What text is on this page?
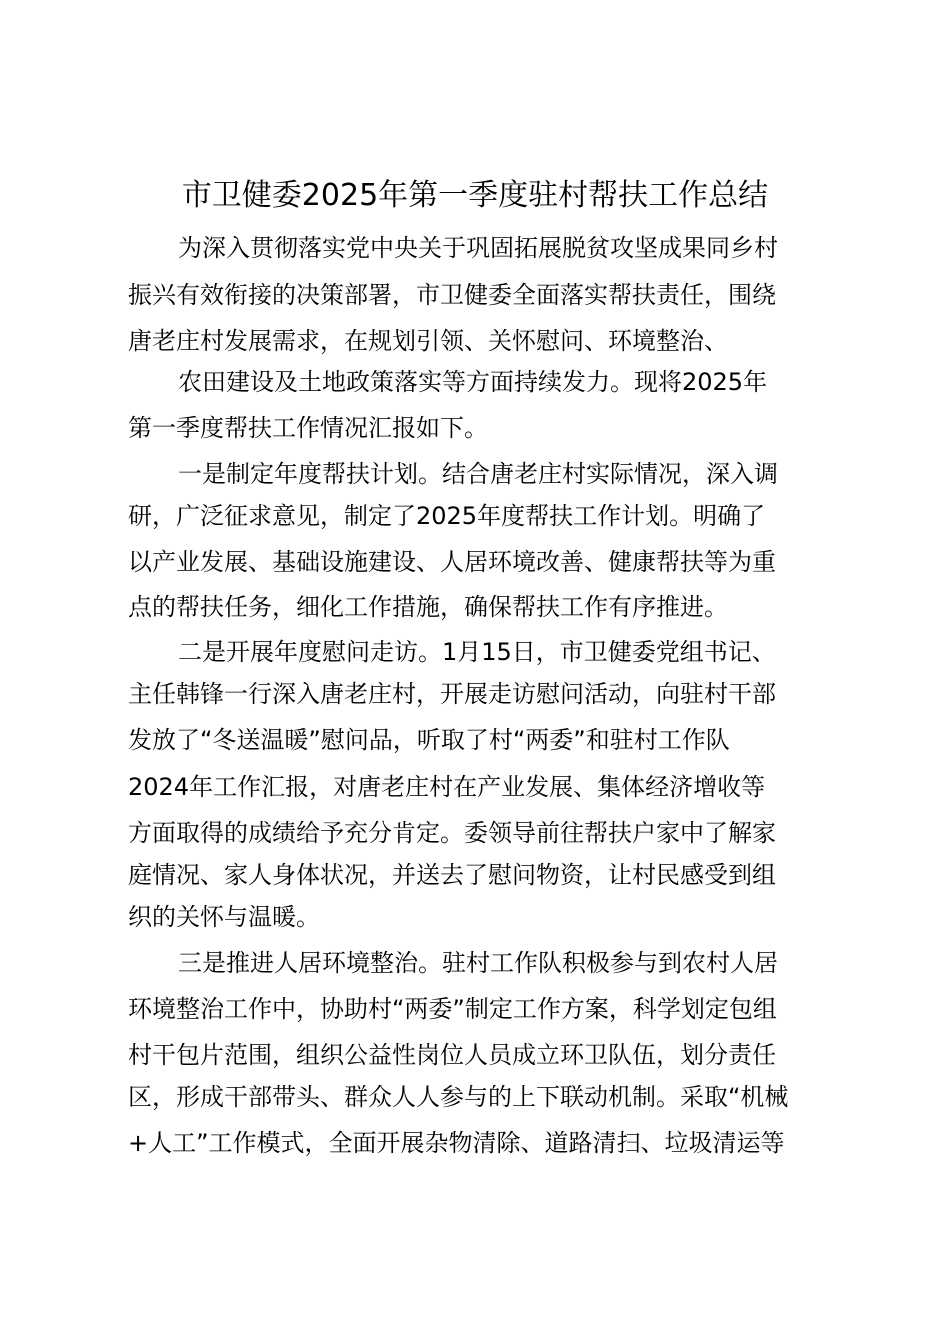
市卫健委2025年第一季度驻村帮扶工作总结
为深入贯彻落实党中央关于巩固拓展脱贫攻坚成果同乡村
振兴有效衔接的决策部署，市卫健委全面落实帮扶责任，围绕
唐老庄村发展需求，在规划引领、关怀慰问、环境整治、
农田建设及土地政策落实等方面持续发力。现将2025年
第一季度帮扶工作情况汇报如下。
一是制定年度帮扶计划。结合唐老庄村实际情况，深入调
研，广泛征求意见，制定了2025年度帮扶工作计划。明确了
以产业发展、基础设施建设、人居环境改善、健康帮扶等为重
点的帮扶任务，细化工作措施，确保帮扶工作有序推进。
二是开展年度慰问走访。1月15日，市卫健委党组书记、
主任韩锋一行深入唐老庄村，开展走访慰问活动，向驻村干部
发放了“冬送温暖”慰问品，听取了村“两委”和驻村工作队
2024年工作汇报，对唐老庄村在产业发展、集体经济增收等
方面取得的成绩给予充分肯定。委领导前往帮扶户家中了解家
庭情况、家人身体状况，并送去了慰问物资，让村民感受到组
织的关怀与温暖。
三是推进人居环境整治。驻村工作队积极参与到农村人居
环境整治工作中，协助村“两委”制定工作方案，科学划定包组
村干包片范围，组织公益性岗位人员成立环卫队伍，划分责任
区，形成干部带头、群众人人参与的上下联动机制。采取“机械
+人工”工作模式，全面开展杂物清除、道路清扫、垃圾清运等
